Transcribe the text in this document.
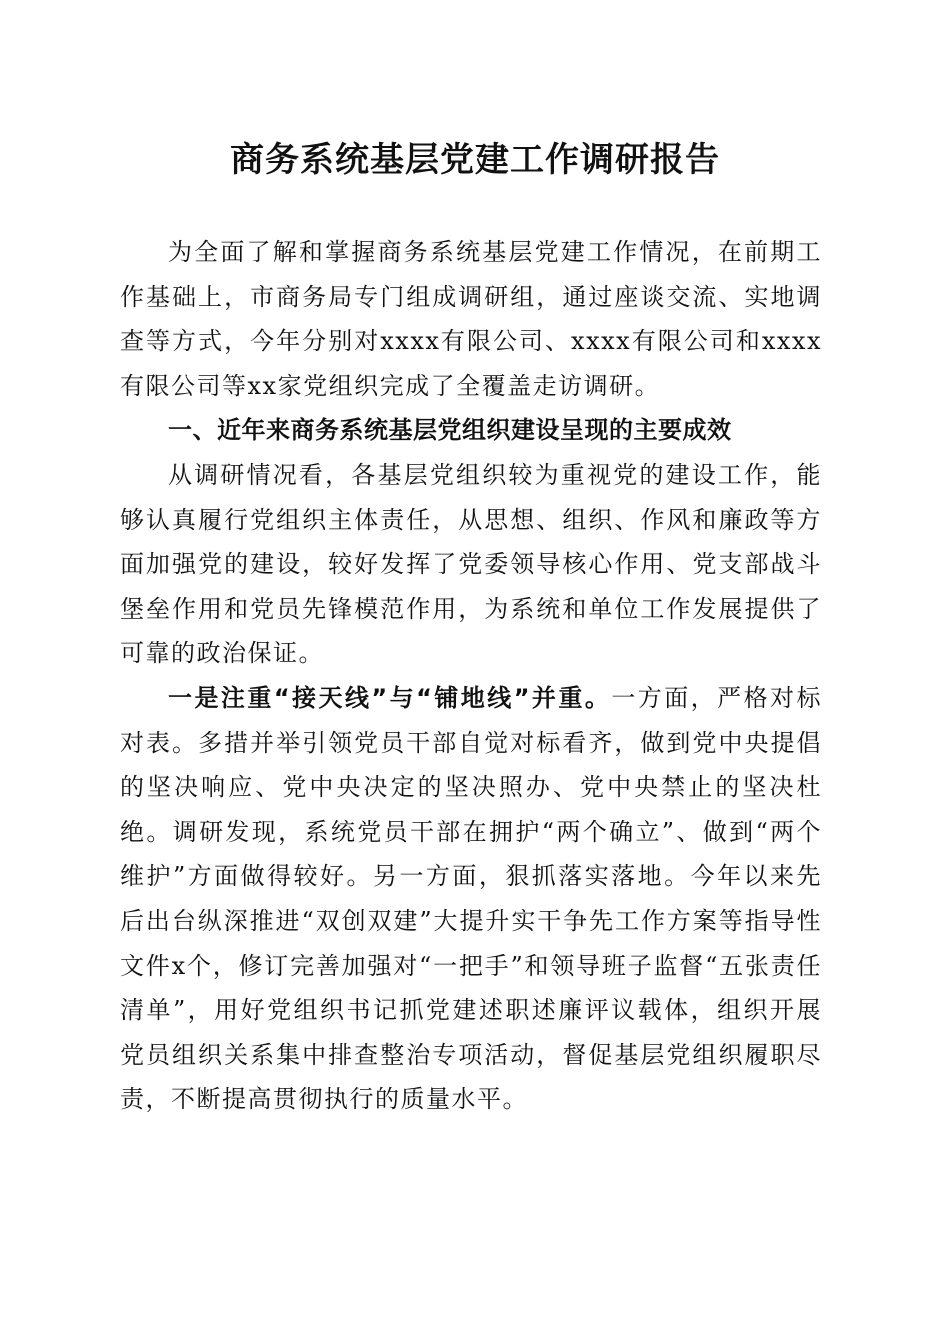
商务系统基层党建工作调研报告

为全面了解和掌握商务系统基层党建工作情况，在前期工作基础上，市商务局专门组成调研组，通过座谈交流、实地调查等方式，今年分别对xxxx有限公司、xxxx有限公司和xxxx有限公司等xx家党组织完成了全覆盖走访调研。

一、近年来商务系统基层党组织建设呈现的主要成效

从调研情况看，各基层党组织较为重视党的建设工作，能够认真履行党组织主体责任，从思想、组织、作风和廉政等方面加强党的建设，较好发挥了党委领导核心作用、党支部战斗堡垒作用和党员先锋模范作用，为系统和单位工作发展提供了可靠的政治保证。

一是注重“接天线”与“铺地线”并重。一方面，严格对标对表。多措并举引领党员干部自觉对标看齐，做到党中央提倡的坚决响应、党中央决定的坚决照办、党中央禁止的坚决杜绝。调研发现，系统党员干部在拥护“两个确立”、做到“两个维护”方面做得较好。另一方面，狠抓落实落地。今年以来先后出台纵深推进“双创双建”大提升实干争先工作方案等指导性文件x个，修订完善加强对“一把手”和领导班子监督“五张责任清单”，用好党组织书记抓党建述职述廉评议载体，组织开展党员组织关系集中排查整治专项活动，督促基层党组织履职尽责，不断提高贯彻执行的质量水平。
